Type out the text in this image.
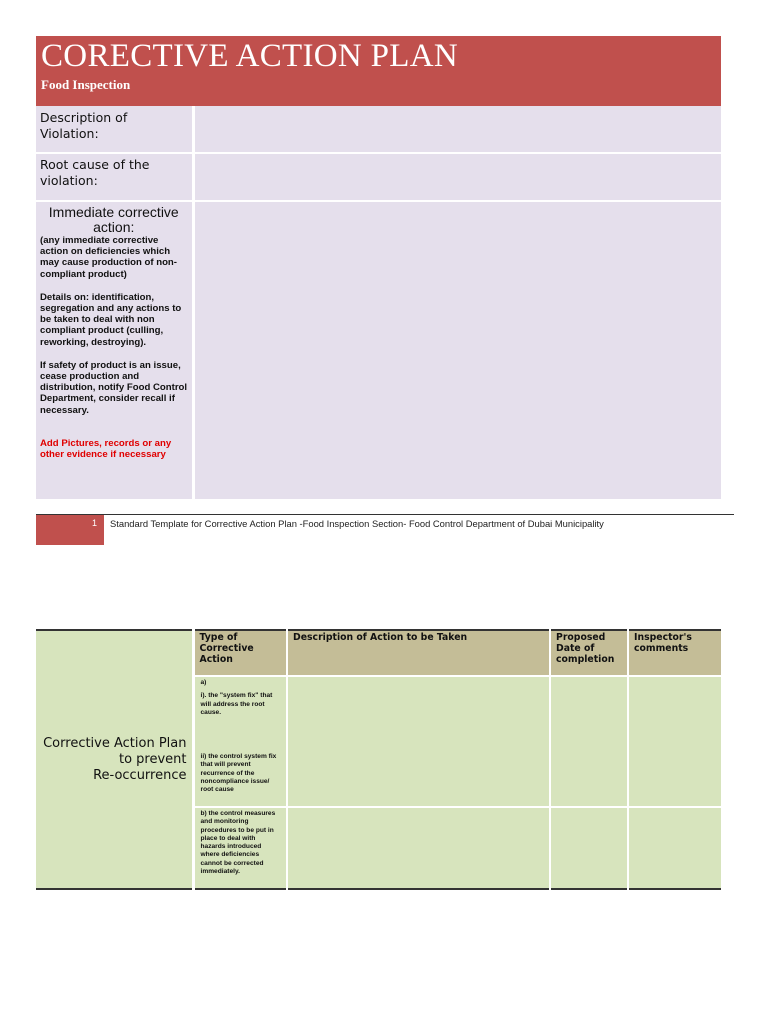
CORECTIVE ACTION PLAN
Food Inspection
Description of Violation:	

Root cause of the violation:	

Immediate corrective action:
(any immediate corrective action on deficiencies which may cause production of non-compliant product)
Details on: identification, segregation and any actions to be taken to deal with non compliant product (culling, reworking, destroying).
If safety of product is an issue, cease production and distribution, notify Food Control Department, consider recall if necessary.
Add Pictures, records or any other evidence if necessary	

1 Standard Template for Corrective Action Plan -Food Inspection Section- Food Control Department of Dubai Municipality
Corrective Action Plan
to prevent
Re-occurrence	Type of Corrective Action	Description of Action to be Taken	Proposed Date of completion	Inspector's comments

	a)
i). the "system fix" that will address the root cause.
ii) the control system fix that will prevent recurrence of the noncompliance issue/ root cause			

	b) the control measures and monitoring procedures to be put in place to deal with hazards introduced where deficiencies cannot be corrected immediately.			
